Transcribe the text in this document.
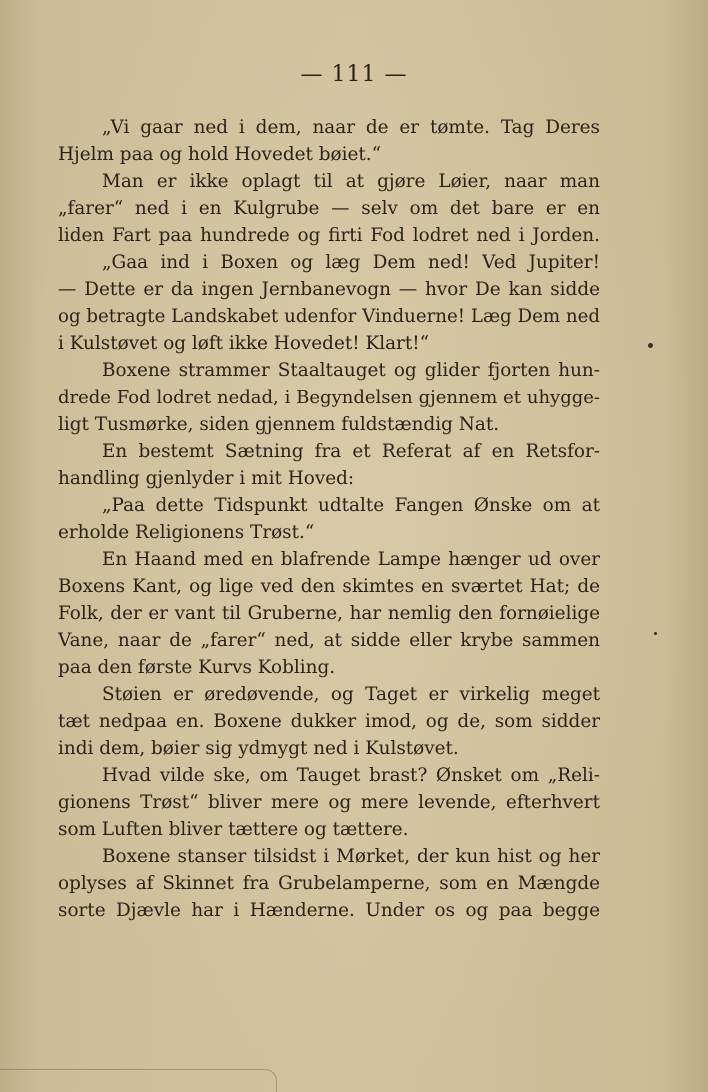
— 111 —
„Vi gaar ned i dem, naar de er tømte. Tag Deres
Hjelm paa og hold Hovedet bøiet.“
Man er ikke oplagt til at gjøre Løier, naar man
„farer“ ned i en Kulgrube — selv om det bare er en
liden Fart paa hundrede og firti Fod lodret ned i Jorden.
„Gaa ind i Boxen og læg Dem ned! Ved Jupiter!
— Dette er da ingen Jernbanevogn — hvor De kan sidde
og betragte Landskabet udenfor Vinduerne! Læg Dem ned
i Kulstøvet og løft ikke Hovedet! Klart!“
Boxene strammer Staaltauget og glider fjorten hun-
drede Fod lodret nedad, i Begyndelsen gjennem et uhygge-
ligt Tusmørke, siden gjennem fuldstændig Nat.
En bestemt Sætning fra et Referat af en Retsfor-
handling gjenlyder i mit Hoved:
„Paa dette Tidspunkt udtalte Fangen Ønske om at
erholde Religionens Trøst.“
En Haand med en blafrende Lampe hænger ud over
Boxens Kant, og lige ved den skimtes en sværtet Hat; de
Folk, der er vant til Gruberne, har nemlig den fornøielige
Vane, naar de „farer“ ned, at sidde eller krybe sammen
paa den første Kurvs Kobling.
Støien er øredøvende, og Taget er virkelig meget
tæt nedpaa en. Boxene dukker imod, og de, som sidder
indi dem, bøier sig ydmygt ned i Kulstøvet.
Hvad vilde ske, om Tauget brast? Ønsket om „Reli-
gionens Trøst“ bliver mere og mere levende, efterhvert
som Luften bliver tættere og tættere.
Boxene stanser tilsidst i Mørket, der kun hist og her
oplyses af Skinnet fra Grubelamperne, som en Mængde
sorte Djævle har i Hænderne. Under os og paa begge
